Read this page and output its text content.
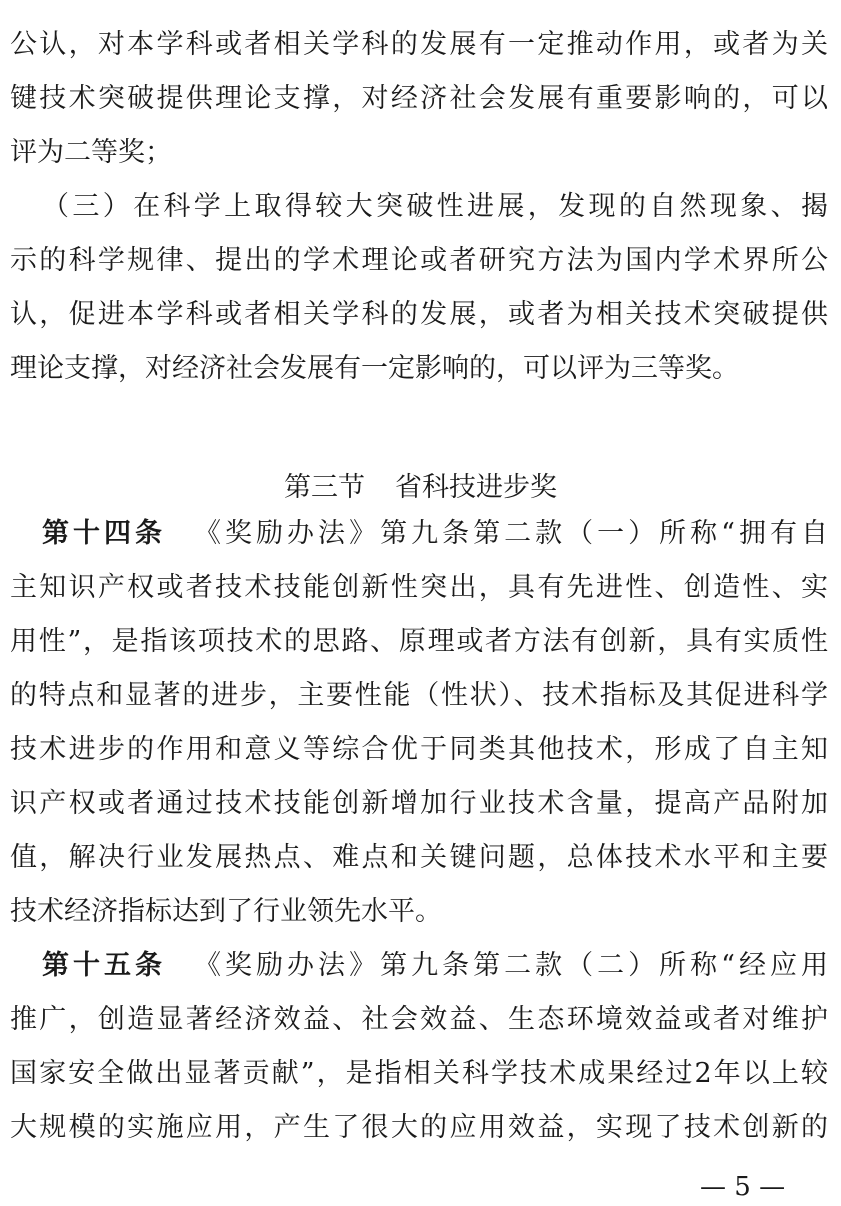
公认，对本学科或者相关学科的发展有一定推动作用，或者为关
键技术突破提供理论支撑，对经济社会发展有重要影响的，可以
评为二等奖；
（三）在科学上取得较大突破性进展，发现的自然现象、揭
示的科学规律、提出的学术理论或者研究方法为国内学术界所公
认，促进本学科或者相关学科的发展，或者为相关技术突破提供
理论支撑，对经济社会发展有一定影响的，可以评为三等奖。
第三节 省科技进步奖
第十四条 《奖励办法》第九条第二款（一）所称“拥有自
主知识产权或者技术技能创新性突出，具有先进性、创造性、实
用性”，是指该项技术的思路、原理或者方法有创新，具有实质性
的特点和显著的进步，主要性能（性状）、技术指标及其促进科学
技术进步的作用和意义等综合优于同类其他技术，形成了自主知
识产权或者通过技术技能创新增加行业技术含量，提高产品附加
值，解决行业发展热点、难点和关键问题，总体技术水平和主要
技术经济指标达到了行业领先水平。
第十五条 《奖励办法》第九条第二款（二）所称“经应用
推广，创造显著经济效益、社会效益、生态环境效益或者对维护
国家安全做出显著贡献”，是指相关科学技术成果经过2年以上较
大规模的实施应用，产生了很大的应用效益，实现了技术创新的
— 5 —
